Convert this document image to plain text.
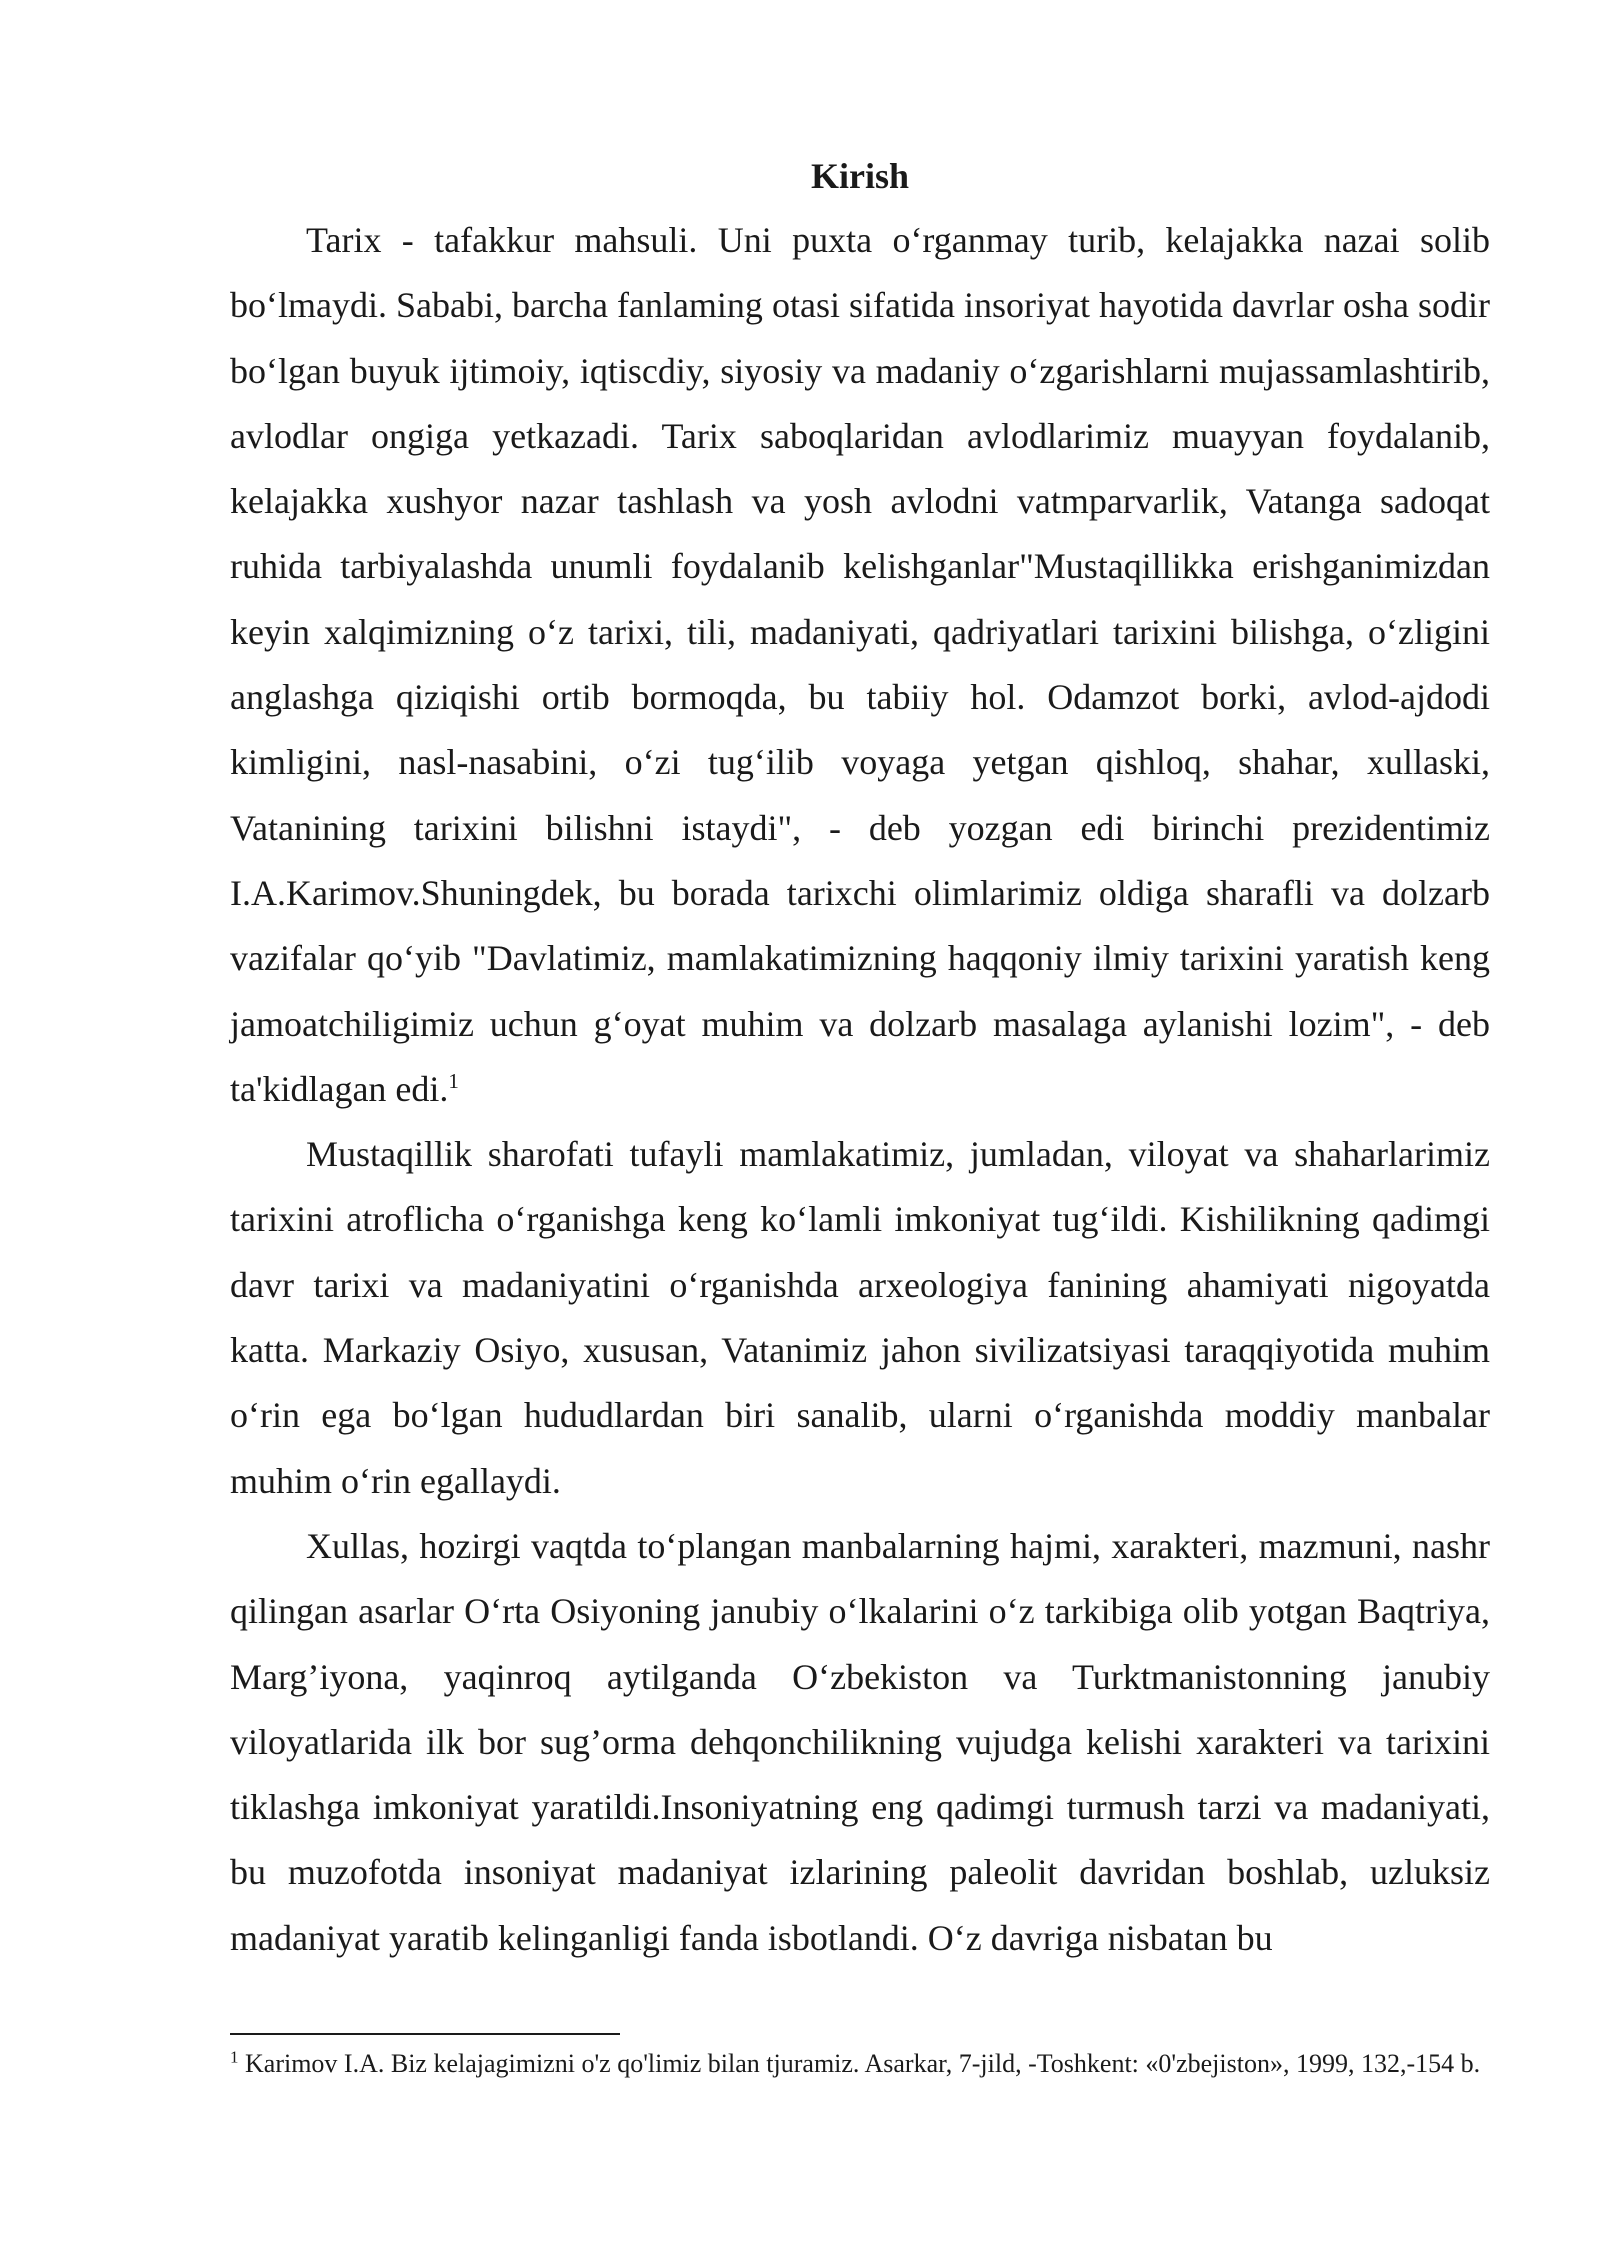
Kirish

Tarix - tafakkur mahsuli. Uni puxta oʻrganmay turib, kelajakka nazai solib boʻlmaydi. Sababi, barcha fanlaming otasi sifatida insoriyat hayotida davrlar osha sodir boʻlgan buyuk ijtimoiy, iqtiscdiy, siyosiy va madaniy oʻzgarishlarni mujassamlashtirib, avlodlar ongiga yetkazadi. Tarix saboqlaridan avlodlarimiz muayyan foydalanib, kelajakka xushyor nazar tashlash va yosh avlodni vatmparvarlik, Vatanga sadoqat ruhida tarbiyalashda unumli foydalanib kelishganlar"Mustaqillikka erishganimizdan keyin xalqimizning oʻz tarixi, tili, madaniyati, qadriyatlari tarixini bilishga, oʻzligini anglashga qiziqishi ortib bormoqda, bu tabiiy hol. Odamzot borki, avlod-ajdodi kimligini, nasl-nasabini, oʻzi tugʻilib voyaga yetgan qishloq, shahar, xullaski, Vatanining tarixini bilishni istaydi", - deb yozgan edi birinchi prezidentimiz I.A.Karimov.Shuningdek, bu borada tarixchi olimlarimiz oldiga sharafli va dolzarb vazifalar qoʻyib "Davlatimiz, mamlakatimizning haqqoniy ilmiy tarixini yaratish keng jamoatchiligimiz uchun gʻoyat muhim va dolzarb masalaga aylanishi lozim", - deb ta'kidlagan edi.$^1$

Mustaqillik sharofati tufayli mamlakatimiz, jumladan, viloyat va shaharlarimiz tarixini atroflicha oʻrganishga keng koʻlamli imkoniyat tugʻildi. Kishilikning qadimgi davr tarixi va madaniyatini oʻrganishda arxeologiya fanining ahamiyati nigoyatda katta. Markaziy Osiyo, xususan, Vatanimiz jahon sivilizatsiyasi taraqqiyotida muhim oʻrin ega boʻlgan hududlardan biri sanalib, ularni oʻrganishda moddiy manbalar muhim oʻrin egallaydi.

Xullas, hozirgi vaqtda toʻplangan manbalarning hajmi, xarakteri, mazmuni, nashr qilingan asarlar Oʻrta Osiyoning janubiy oʻlkalarini oʻz tarkibiga olib yotgan Baqtriya, Marg’iyona, yaqinroq aytilganda Oʻzbekiston va Turktmanistonning janubiy viloyatlarida ilk bor sug’orma dehqonchilikning vujudga kelishi xarakteri va tarixini tiklashga imkoniyat yaratildi.Insoniyatning eng qadimgi turmush tarzi va madaniyati, bu muzofotda insoniyat madaniyat izlarining paleolit davridan boshlab, uzluksiz madaniyat yaratib kelinganligi fanda isbotlandi. Oʻz davriga nisbatan bu

$^1$ Karimov I.A. Biz kelajagimizni o'z qo'limiz bilan tjuramiz. Asarkar, 7-jild, -Toshkent: «0'zbejiston», 1999, 132,-154 b.
